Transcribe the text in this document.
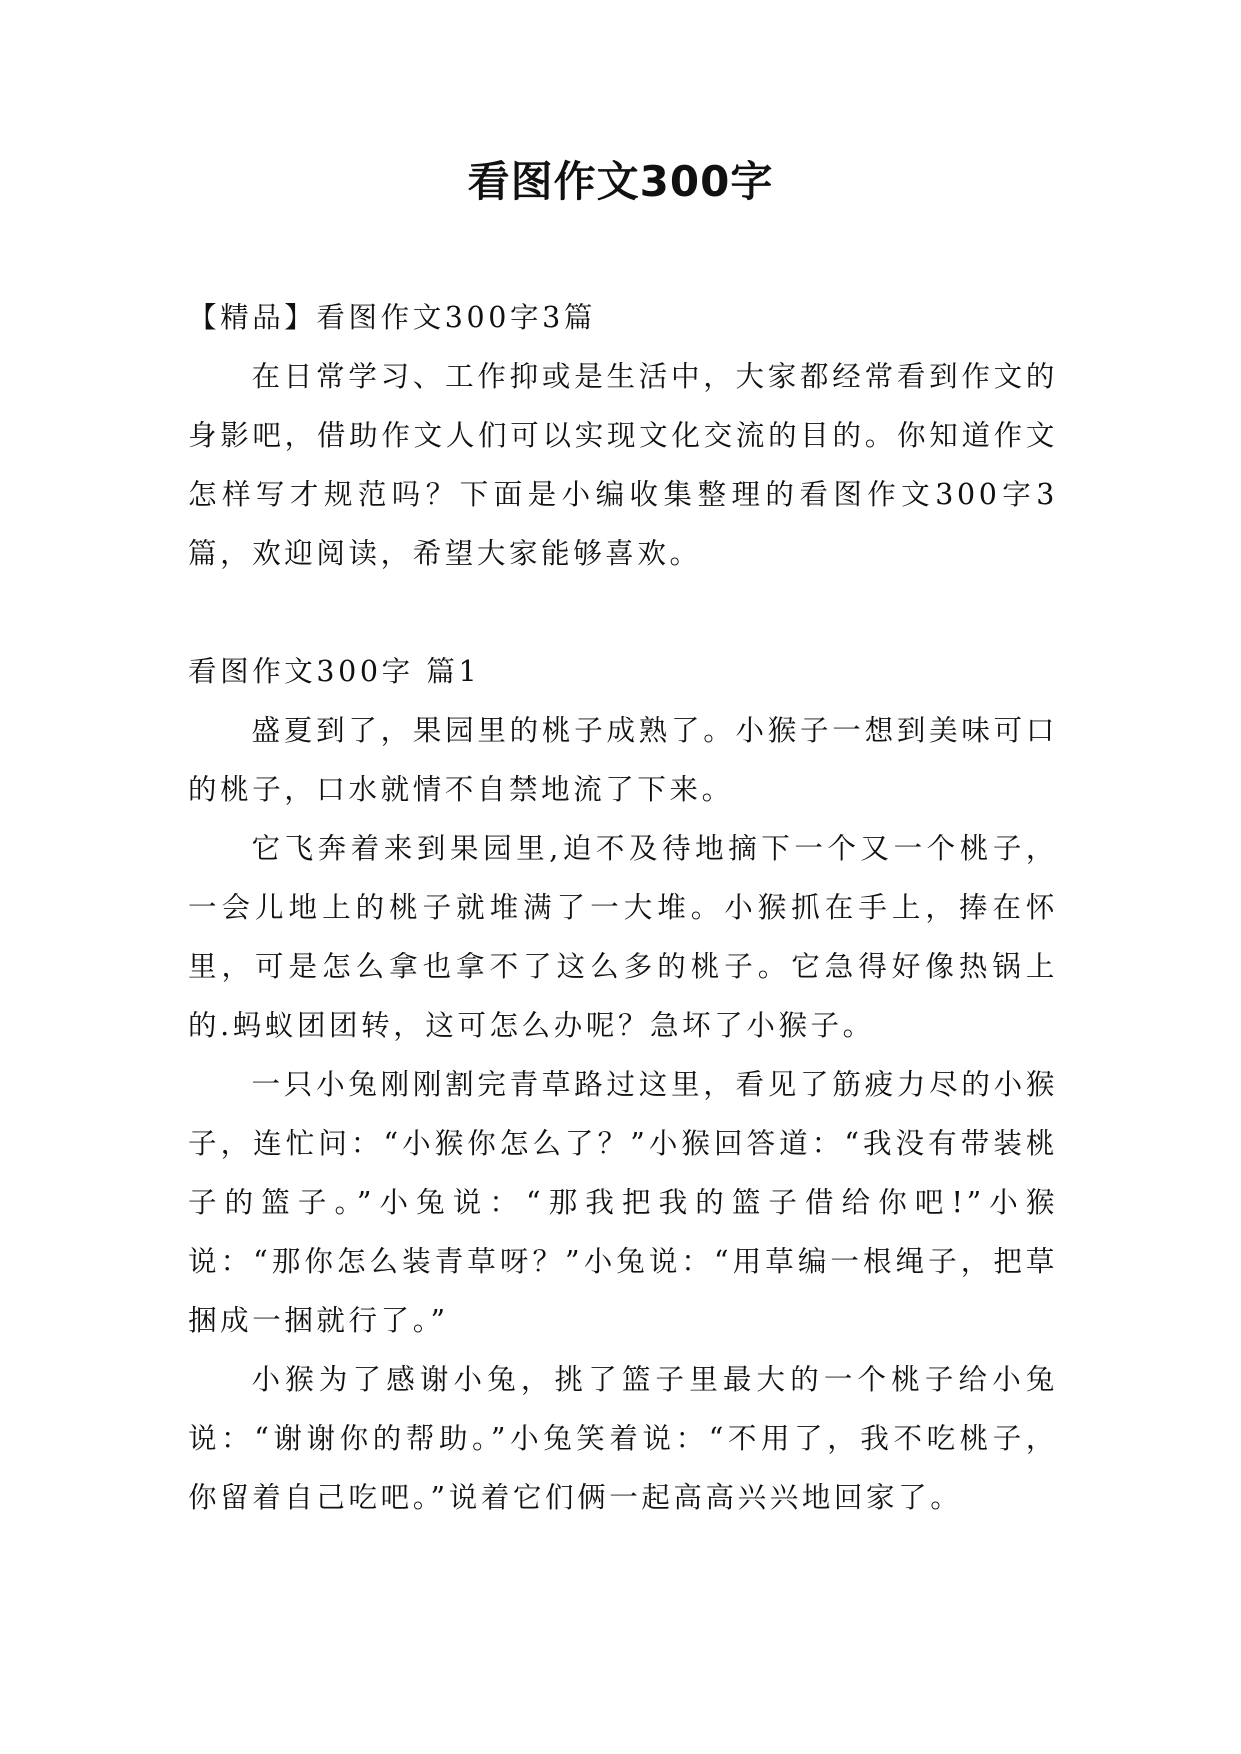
看图作文300字

【精品】看图作文300字3篇

在日常学习、工作抑或是生活中，大家都经常看到作文的身影吧，借助作文人们可以实现文化交流的目的。你知道作文怎样写才规范吗？下面是小编收集整理的看图作文300字3篇，欢迎阅读，希望大家能够喜欢。

看图作文300字 篇1

盛夏到了，果园里的桃子成熟了。小猴子一想到美味可口的桃子，口水就情不自禁地流了下来。

它飞奔着来到果园里,迫不及待地摘下一个又一个桃子，一会儿地上的桃子就堆满了一大堆。小猴抓在手上，捧在怀里，可是怎么拿也拿不了这么多的桃子。它急得好像热锅上的.蚂蚁团团转，这可怎么办呢？急坏了小猴子。

一只小兔刚刚割完青草路过这里，看见了筋疲力尽的小猴子，连忙问：“小猴你怎么了？”小猴回答道：“我没有带装桃子的篮子。”小兔说：“那我把我的篮子借给你吧!”小猴说：“那你怎么装青草呀？”小兔说：“用草编一根绳子，把草捆成一捆就行了。”

小猴为了感谢小兔，挑了篮子里最大的一个桃子给小兔说：“谢谢你的帮助。”小兔笑着说：“不用了，我不吃桃子，你留着自己吃吧。”说着它们俩一起高高兴兴地回家了。
